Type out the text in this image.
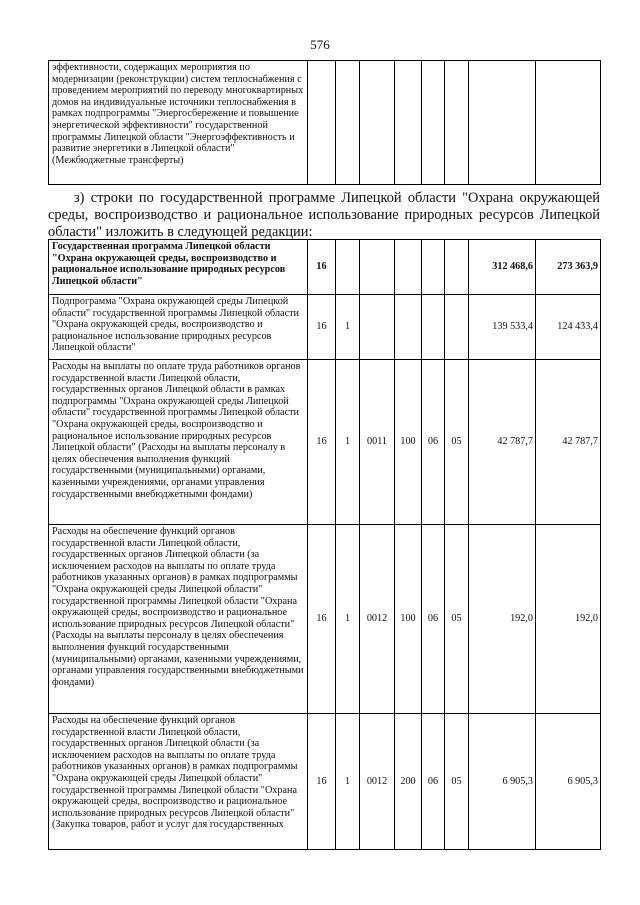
576
эффективности, содержащих мероприятия по модернизации (реконструкции) систем теплоснабжения с проведением мероприятий по переводу многоквартирных домов на индивидуальные источники теплоснабжения в рамках подпрограммы "Энергосбережение и повышение энергетической эффективности" государственной программы Липецкой области "Энергоэффективность и развитие энергетики в Липецкой области" (Межбюджетные трансферты)								
з) строки по государственной программе Липецкой области "Охрана окружающей среды, воспроизводство и рациональное использование природных ресурсов Липецкой области" изложить в следующей редакции:
Государственная программа Липецкой области "Охрана окружающей среды, воспроизводство и рациональное использование природных ресурсов Липецкой области"	16						312 468,6	273 363,9
Подпрограмма "Охрана окружающей среды Липецкой области" государственной программы Липецкой области "Охрана окружающей среды, воспроизводство и рациональное использование природных ресурсов Липецкой области"	16	1					139 533,4	124 433,4
Расходы на выплаты по оплате труда работников органов государственной власти Липецкой области, государственных органов Липецкой области в рамках подпрограммы "Охрана окружающей среды Липецкой области" государственной программы Липецкой области "Охрана окружающей среды, воспроизводство и рациональное использование природных ресурсов Липецкой области" (Расходы на выплаты персоналу в целях обеспечения выполнения функций государственными (муниципальными) органами, казенными учреждениями, органами управления государственными внебюджетными фондами)	16	1	0011	100	06	05	42 787,7	42 787,7
Расходы на обеспечение функций органов государственной власти Липецкой области, государственных органов Липецкой области (за исключением расходов на выплаты по оплате труда работников указанных органов) в рамках подпрограммы "Охрана окружающей среды Липецкой области" государственной программы Липецкой области "Охрана окружающей среды, воспроизводство и рациональное использование природных ресурсов Липецкой области" (Расходы на выплаты персоналу в целях обеспечения выполнения функций государственными (муниципальными) органами, казенными учреждениями, органами управления государственными внебюджетными фондами)	16	1	0012	100	06	05	192,0	192,0
Расходы на обеспечение функций органов государственной власти Липецкой области, государственных органов Липецкой области (за исключением расходов на выплаты по оплате труда работников указанных органов) в рамках подпрограммы "Охрана окружающей среды Липецкой области" государственной программы Липецкой области "Охрана окружающей среды, воспроизводство и рациональное использование природных ресурсов Липецкой области" (Закупка товаров, работ и услуг для государственных	16	1	0012	200	06	05	6 905,3	6 905,3
